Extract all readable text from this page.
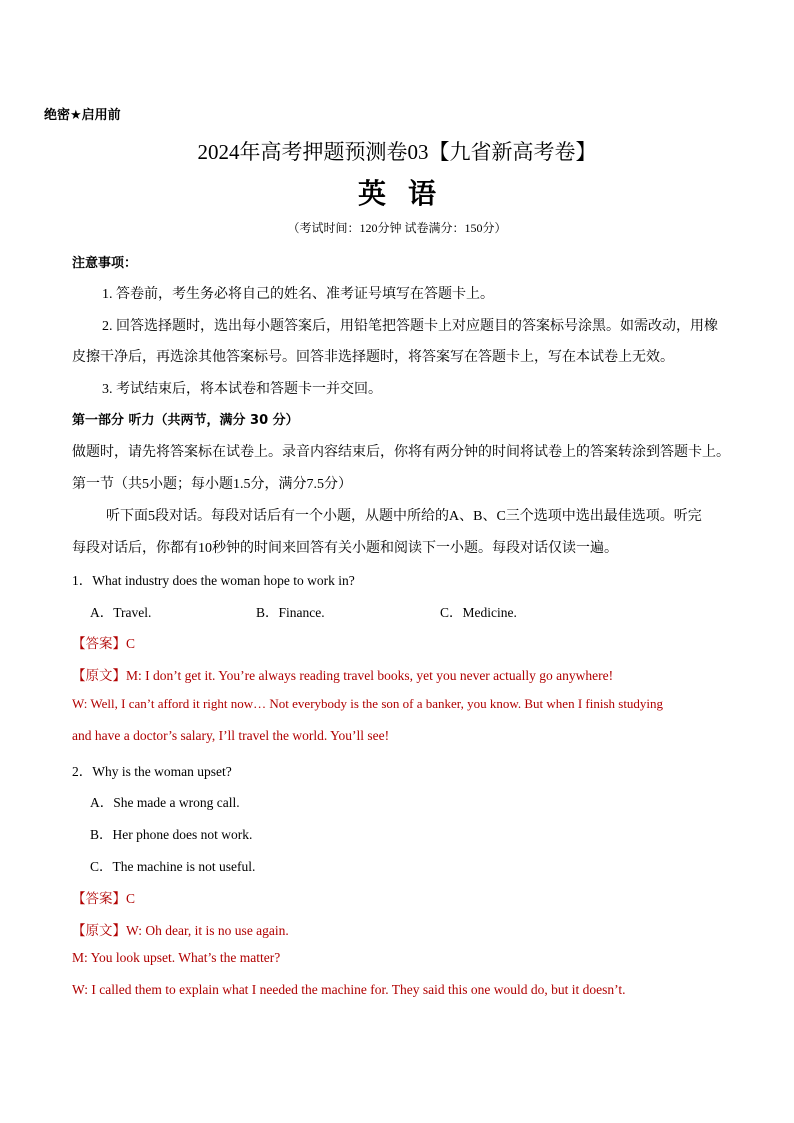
绝密★启用前
2024年高考押题预测卷03【九省新高考卷】
英语
（考试时间：120分钟 试卷满分：150分）
注意事项：
1. 答卷前，考生务必将自己的姓名、准考证号填写在答题卡上。
2. 回答选择题时，选出每小题答案后，用铅笔把答题卡上对应题目的答案标号涂黑。如需改动，用橡
皮擦干净后，再选涂其他答案标号。回答非选择题时，将答案写在答题卡上，写在本试卷上无效。
3. 考试结束后，将本试卷和答题卡一并交回。
第一部分 听力（共两节，满分 30 分）
做题时，请先将答案标在试卷上。录音内容结束后，你将有两分钟的时间将试卷上的答案转涂到答题卡上。
第一节（共5小题；每小题1.5分，满分7.5分）
听下面5段对话。每段对话后有一个小题，从题中所给的A、B、C三个选项中选出最佳选项。听完
每段对话后，你都有10秒钟的时间来回答有关小题和阅读下一小题。每段对话仅读一遍。
1．What industry does the woman hope to work in?
A．Travel.	B．Finance.	C．Medicine.
【答案】C
【原文】M: I don’t get it. You’re always reading travel books, yet you never actually go anywhere!
W: Well, I can’t afford it right now… Not everybody is the son of a banker, you know. But when I finish studying
and have a doctor’s salary, I’ll travel the world. You’ll see!
2．Why is the woman upset?
A．She made a wrong call.
B．Her phone does not work.
C．The machine is not useful.
【答案】C
【原文】W: Oh dear, it is no use again.
M: You look upset. What’s the matter?
W: I called them to explain what I needed the machine for. They said this one would do, but it doesn’t.
